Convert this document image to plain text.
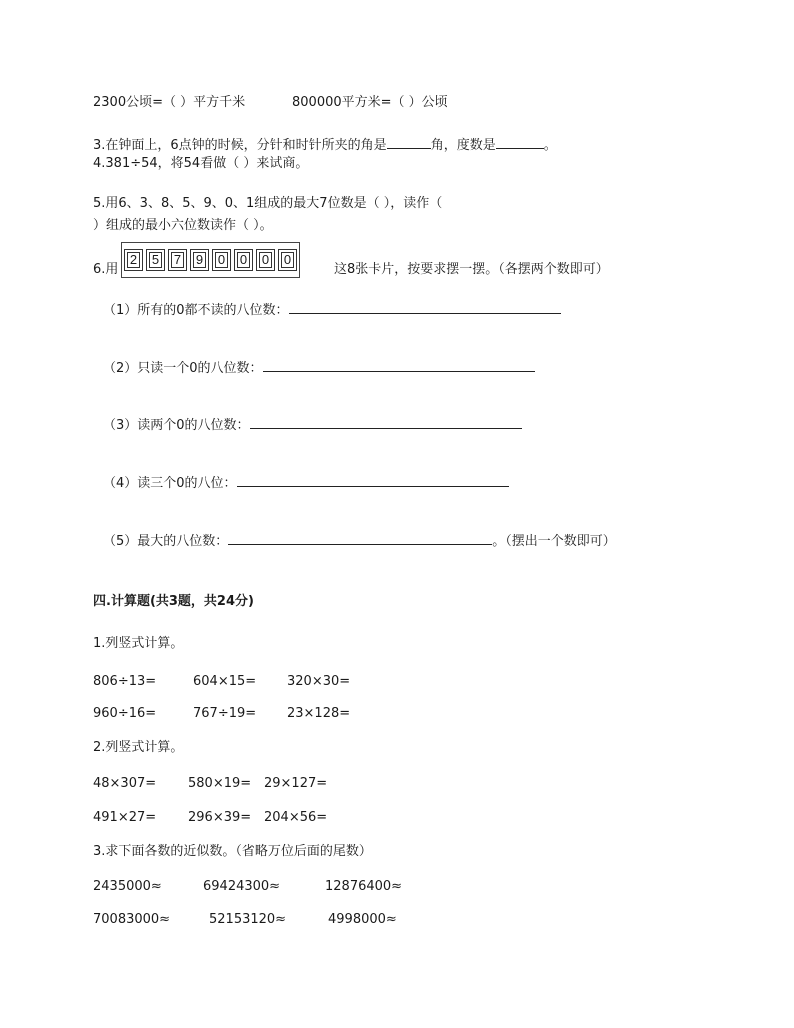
2300公顷=（ ）平方千米	800000平方米=（ ）公顷
3.在钟面上，6点钟的时候，分针和时针所夹的角是	角，度数是	。
4.381÷54，将54看做（ ）来试商。
5.用6、3、8、5、9、0、1组成的最大7位数是（ ），读作（
）组成的最小六位数读作（ ）。
6.用
2	5	7	9	0	0	0	0
这8张卡片，按要求摆一摆。（各摆两个数即可）
（1）所有的0都不读的八位数：
（2）只读一个0的八位数：
（3）读两个0的八位数：
（4）读三个0的八位：
（5）最大的八位数：	。（摆出一个数即可）
四.计算题(共3题，共24分)
1.列竖式计算。
806÷13=	604×15= 320×30=
960÷16=	767÷19= 23×128=
2.列竖式计算。
48×307= 580×19= 29×127=
491×27= 296×39= 204×56=
3.求下面各数的近似数。（省略万位后面的尾数）
2435000≈	69424300≈	12876400≈
70083000≈	52153120≈	4998000≈
